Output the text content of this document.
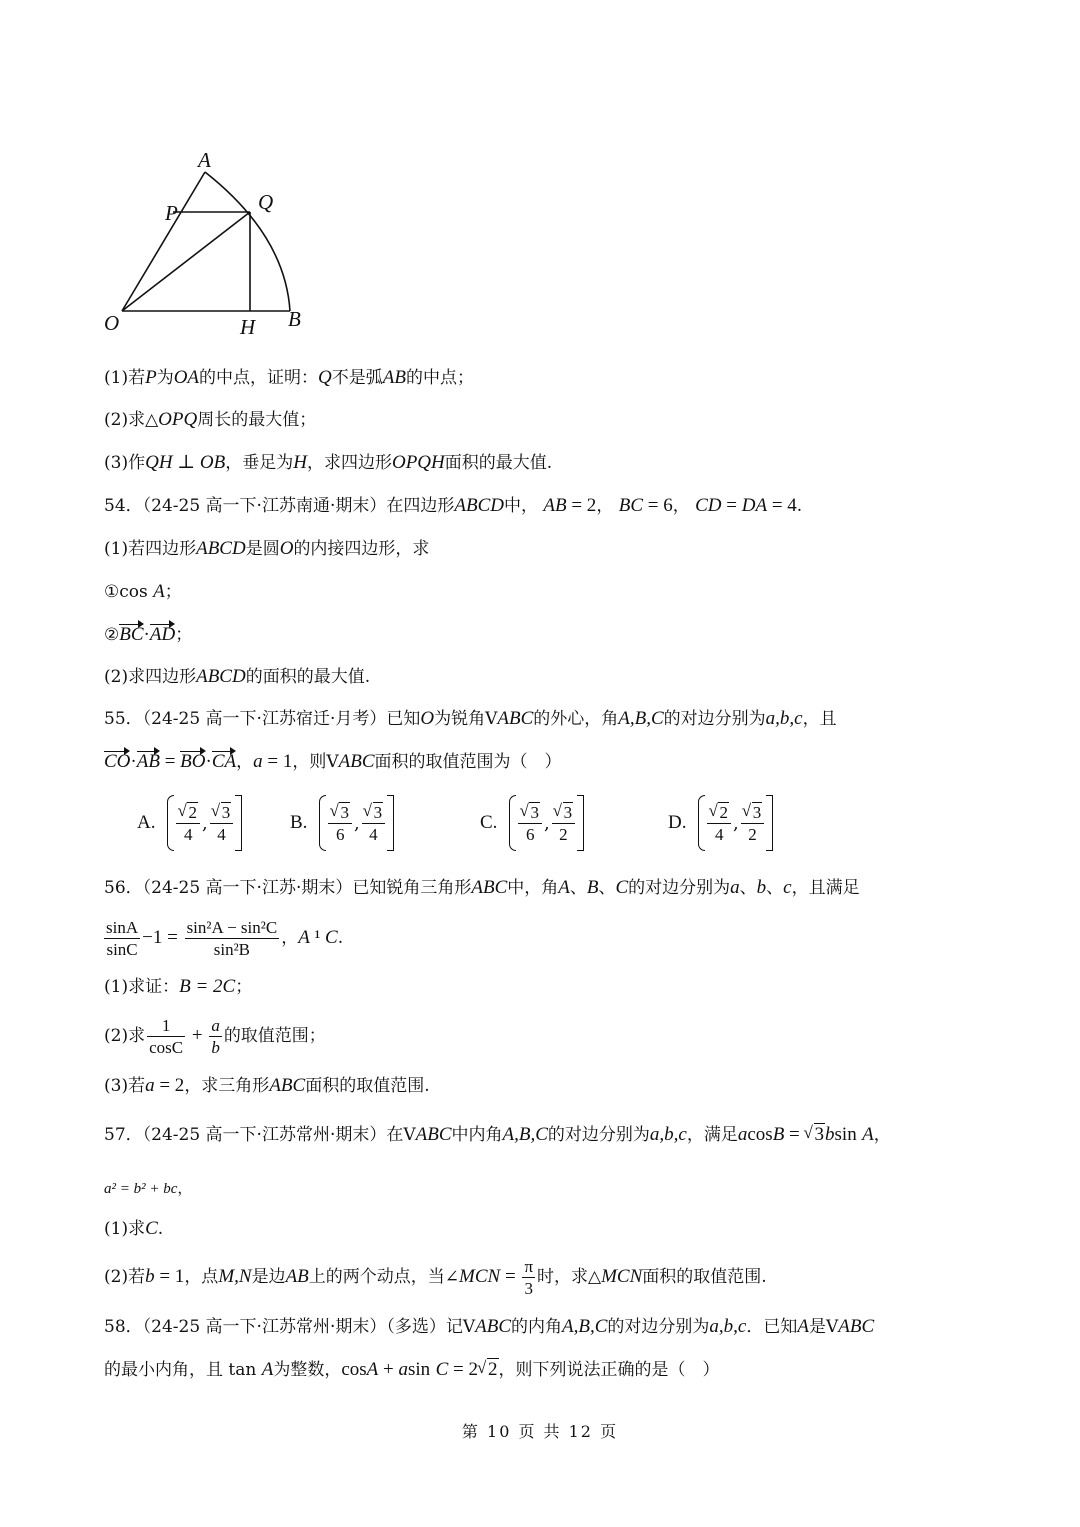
A
P	Q
O	H B
(1)若P为OA的中点，证明：Q不是弧AB的中点；
(2)求△OPQ周长的最大值；
(3)作QH ⊥ OB，垂足为H，求四边形OPQH面积的最大值.
54．（24-25 高一下·江苏南通·期末）在四边形ABCD中， AB = 2， BC = 6， CD = DA = 4.
(1)若四边形ABCD是圆O的内接四边形，求
①cos A；
②BC·AD；
(2)求四边形ABCD的面积的最大值.
55．（24-25 高一下·江苏宿迁·月考）已知O为锐角VABC的外心，角A,B,C的对边分别为a,b,c，且
CO·AB = BO·CA，a = 1，则VABC面积的取值范围为（　）
A. √ $\frac{2}{4}$ , √ $\frac{3}{4}$	B. √ $\frac{3}{6}$ , √ $\frac{3}{4}$	C. √ $\frac{3}{6}$ , √ $\frac{3}{2}$	D. √ $\frac{2}{4}$ , √ $\frac{3}{2}$
56．（24-25 高一下·江苏·期末）已知锐角三角形ABC中，角A、B、C的对边分别为a、b、c，且满足
$\frac{\sin A}{\sin C} -1 = \frac{\text{sin²A − sin²C}}{\text{sin²B}}$ ，A ¹ C.
(1)求证：B = 2C；
(2)求 $\frac{1}{\cos C} + \frac{a}{b}$ 的取值范围；
(3)若a = 2，求三角形ABC面积的取值范围.
57．（24-25 高一下·江苏常州·期末）在VABC中内角A,B,C的对边分别为a,b,c，满足acosB = √ 3bsin A，
a² = b² + bc，
(1)求C.
(2)若b = 1，点M,N是边AB上的两个动点，当∠MCN = $\frac{\pi}{3}$ 时，求△MCN面积的取值范围.
58．（24-25 高一下·江苏常州·期末）（多选）记VABC的内角A,B,C的对边分别为a,b,c．已知A是VABC
的最小内角，且 tan A为整数，cosA + asin C = 2 √ 2，则下列说法正确的是（　）
第 10 页 共 12 页
